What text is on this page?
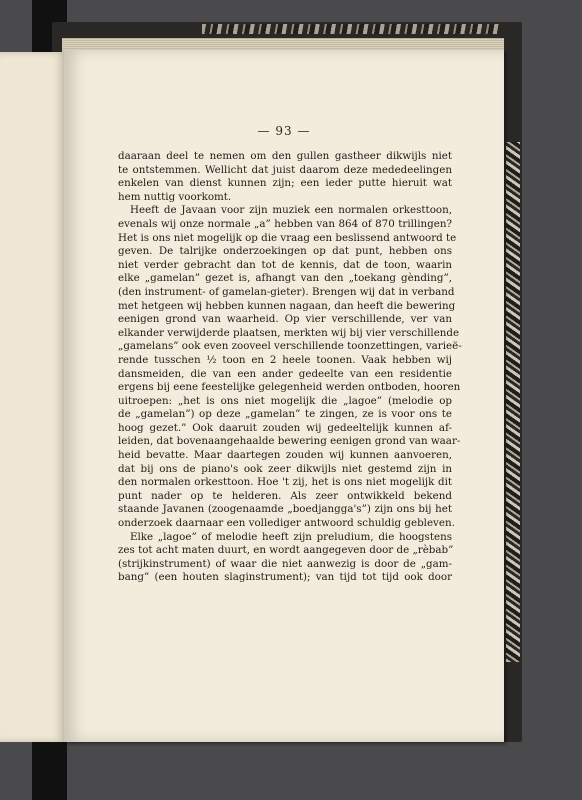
— 93 —
daaraan deel te nemen om den gullen gastheer dikwijls niet
te ontstemmen. Wellicht dat juist daarom deze mededeelingen
enkelen van dienst kunnen zijn; een ieder putte hieruit wat
hem nuttig voorkomt.
Heeft de Javaan voor zijn muziek een normalen orkesttoon,
evenals wij onze normale „a” hebben van 864 of 870 trillingen?
Het is ons niet mogelijk op die vraag een beslissend antwoord te
geven. De talrijke onderzoekingen op dat punt, hebben ons
niet verder gebracht dan tot de kennis, dat de toon, waarin
elke „gamelan” gezet is, afhangt van den „toekang gènding”,
(den instrument- of gamelan-gieter). Brengen wij dat in verband
met hetgeen wij hebben kunnen nagaan, dan heeft die bewering
eenigen grond van waarheid. Op vier verschillende, ver van
elkander verwijderde plaatsen, merkten wij bij vier verschillende
„gamelans” ook even zooveel verschillende toonzettingen, varieë-
rende tusschen ½ toon en 2 heele toonen. Vaak hebben wij
dansmeiden, die van een ander gedeelte van een residentie
ergens bij eene feestelijke gelegenheid werden ontboden, hooren
uitroepen: „het is ons niet mogelijk die „lagoe” (melodie op
de „gamelan”) op deze „gamelan” te zingen, ze is voor ons te
hoog gezet.” Ook daaruit zouden wij gedeeltelijk kunnen af-
leiden, dat bovenaangehaalde bewering eenigen grond van waar-
heid bevatte. Maar daartegen zouden wij kunnen aanvoeren,
dat bij ons de piano's ook zeer dikwijls niet gestemd zijn in
den normalen orkesttoon. Hoe 't zij, het is ons niet mogelijk dit
punt nader op te helderen. Als zeer ontwikkeld bekend
staande Javanen (zoogenaamde „boedjangga's”) zijn ons bij het
onderzoek daarnaar een vollediger antwoord schuldig gebleven.
Elke „lagoe” of melodie heeft zijn preludium, die hoogstens
zes tot acht maten duurt, en wordt aangegeven door de „rèbab”
(strijkinstrument) of waar die niet aanwezig is door de „gam-
bang” (een houten slaginstrument); van tijd tot tijd ook door
